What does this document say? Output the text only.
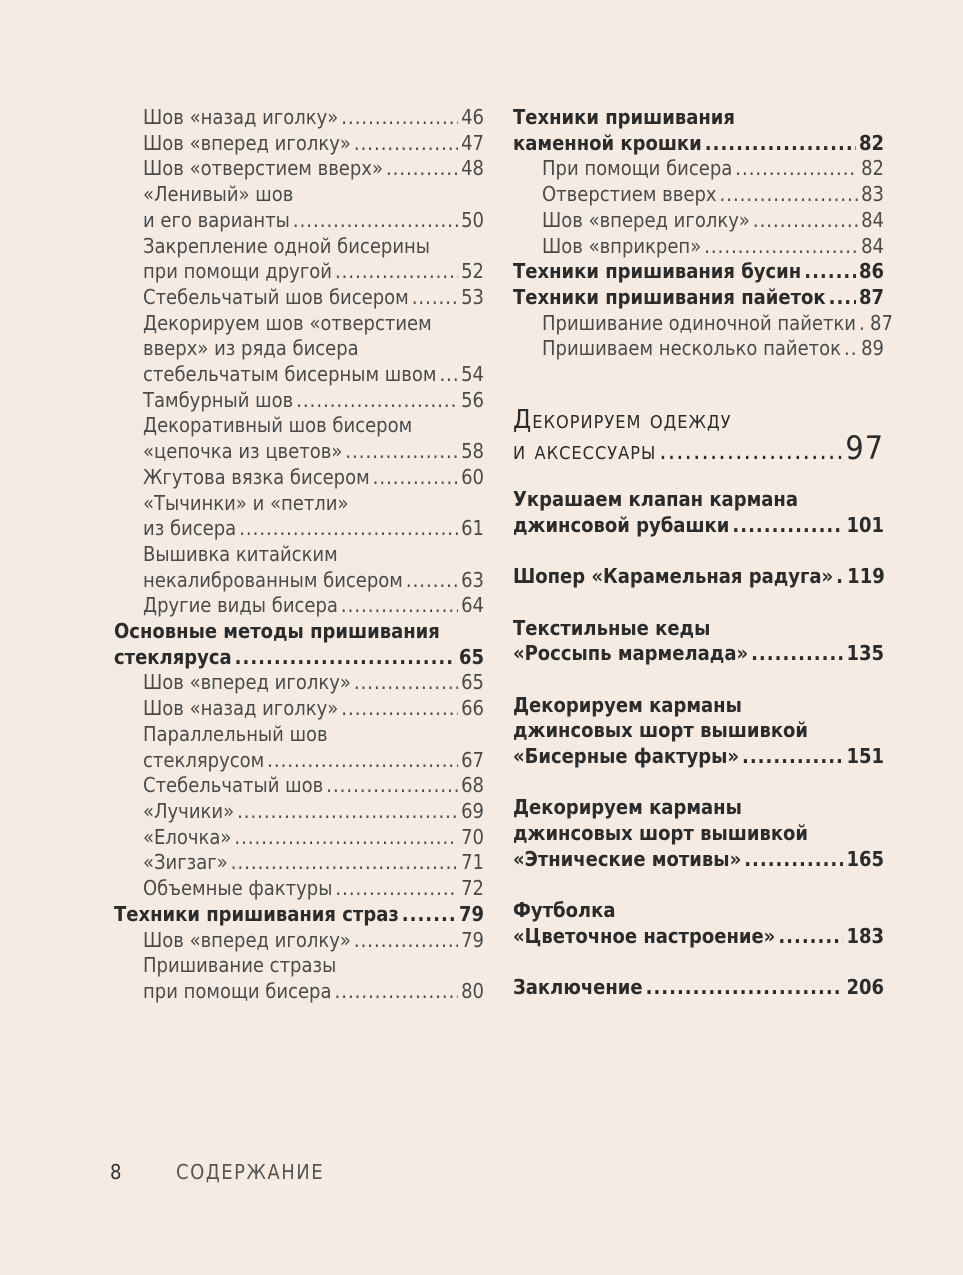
Шов «назад иголку» .....	46
Шов «вперед иголку» .....	47
Шов «отверстием вверх» .....	48
«Ленивый» шов
и его варианты .....	50
Закрепление одной бисерины
при помощи другой .....	52
Стебельчатый шов бисером .....	53
Декорируем шов «отверстием
вверх» из ряда бисера
стебельчатым бисерным швом ..... 54
Тамбурный шов .....	56
Декоративный шов бисером
«цепочка из цветов» .....	58
Жгутова вязка бисером .....	60
«Тычинки» и «петли»
из бисера .....	61
Вышивка китайским
некалиброванным бисером .....	63
Другие виды бисера .....	64
Основные методы пришивания
стекляруса .....	65
Шов «вперед иголку» .....	65
Шов «назад иголку» .....	66
Параллельный шов
стеклярусом .....	67
Стебельчатый шов .....	68
«Лучики» .....	69
«Елочка» .....	70
«Зигзаг» .....	71
Объемные фактуры .....	72
Техники пришивания страз .....	79
Шов «вперед иголку» .....	79
Пришивание стразы
при помощи бисера .....	80
Техники пришивания
каменной крошки .....	82
При помощи бисера .....	82
Отверстием вверх .....	83
Шов «вперед иголку» .....	84
Шов «вприкреп» .....	84
Техники пришивания бусин .....	86
Техники пришивания пайеток ..... 87
Пришивание одиночной пайетки ..... 87
Пришиваем несколько пайеток ..... 89
Декорируем одежду
и аксессуары .....	97
Украшаем клапан кармана
джинсовой рубашки .....	101
Шопер «Карамельная радуга» ..... 119
Текстильные кеды
«Россыпь мармелада» .....	135
Декорируем карманы
джинсовых шорт вышивкой
«Бисерные фактуры» .....	151
Декорируем карманы
джинсовых шорт вышивкой
«Этнические мотивы» .....	165
Футболка
«Цветочное настроение» .....	183
Заключение .....	206
8	СОДЕРЖАНИЕ
